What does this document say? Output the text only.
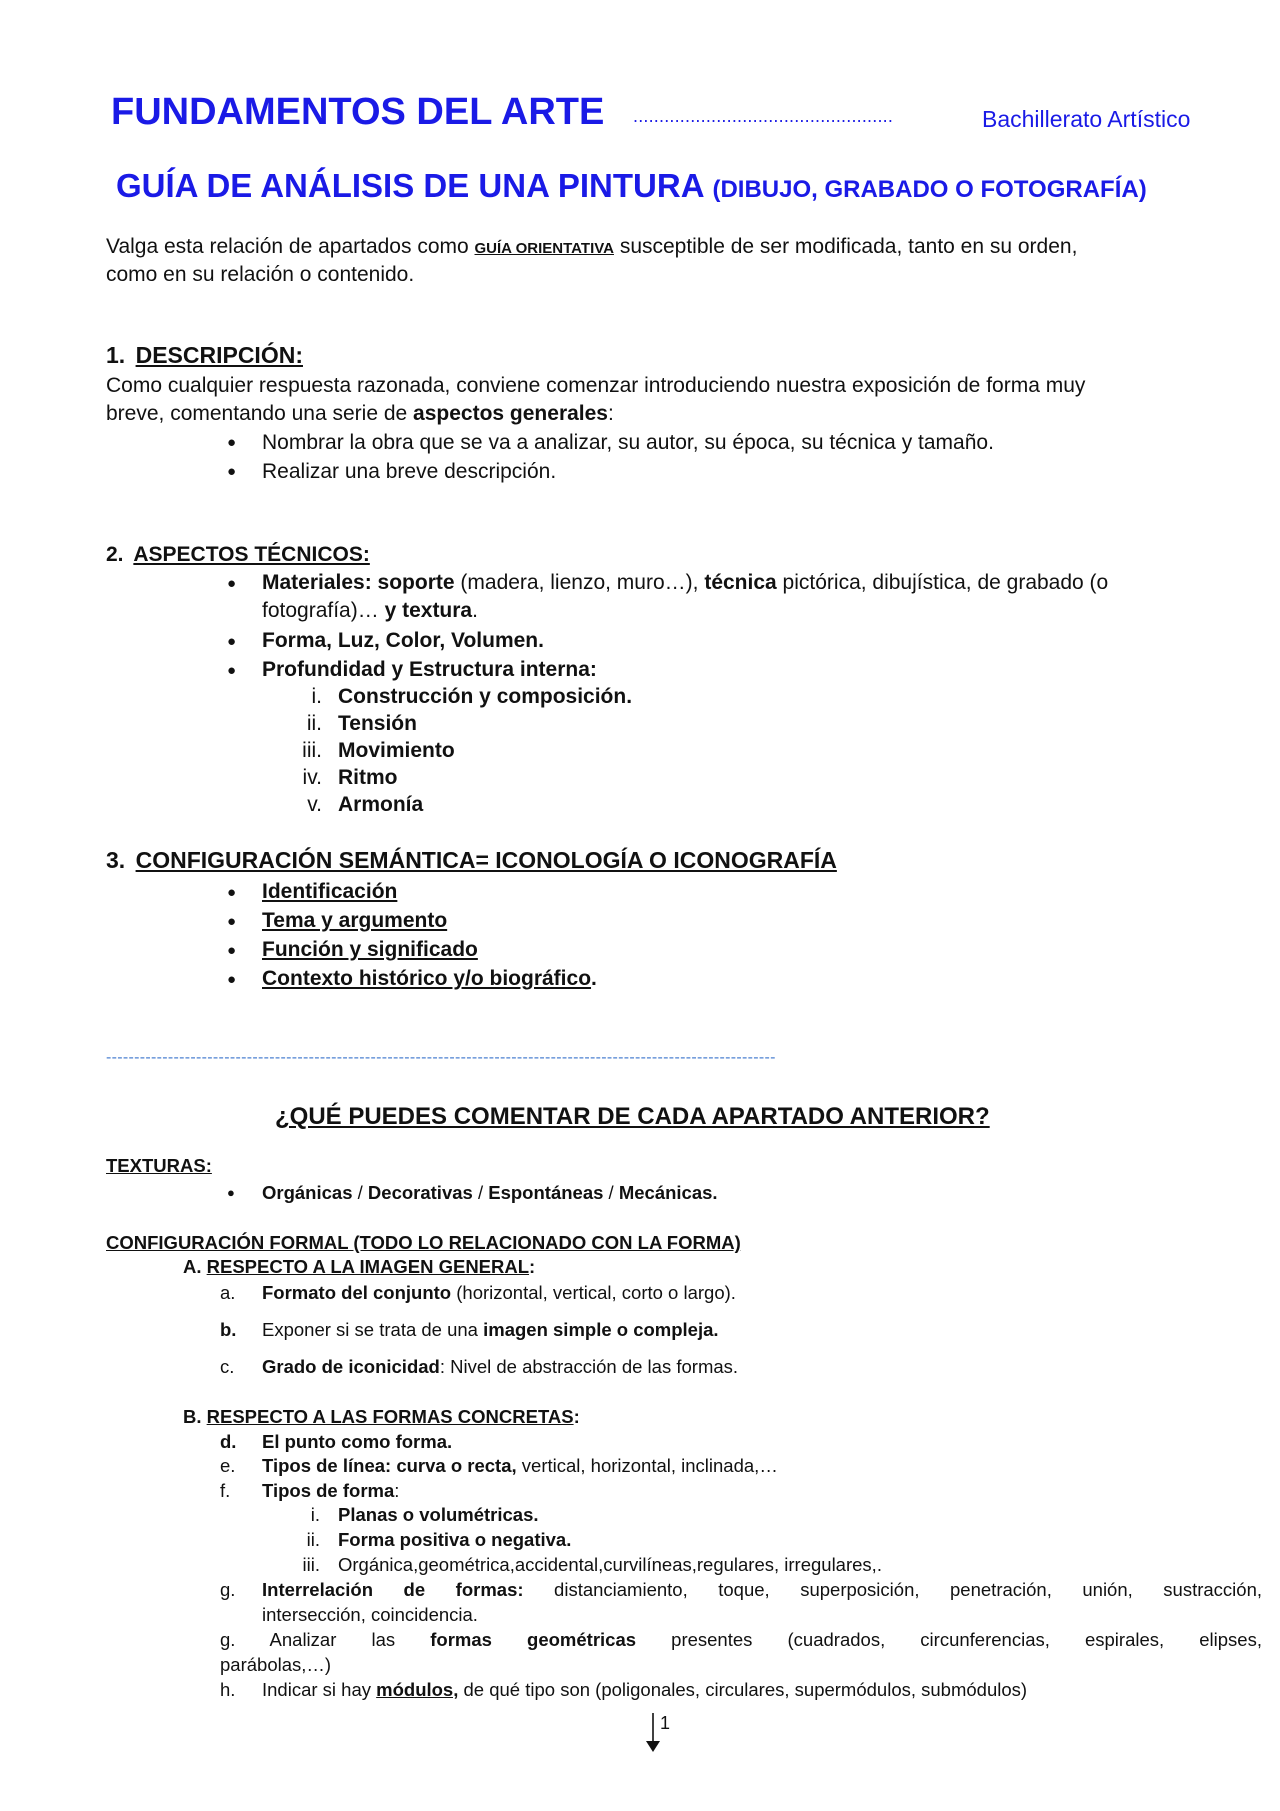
FUNDAMENTOS DEL ARTE ..................................................	Bachillerato Artístico
GUÍA DE ANÁLISIS DE UNA PINTURA (DIBUJO, GRABADO O FOTOGRAFÍA)
Valga esta relación de apartados como GUÍA ORIENTATIVA susceptible de ser modificada, tanto en su orden,
como en su relación o contenido.
1. DESCRIPCIÓN:
Como cualquier respuesta razonada, conviene comenzar introduciendo nuestra exposición de forma muy
breve, comentando una serie de aspectos generales:
● Nombrar la obra que se va a analizar, su autor, su época, su técnica y tamaño.
● Realizar una breve descripción.
2. ASPECTOS TÉCNICOS:
● Materiales: soporte (madera, lienzo, muro…), técnica pictórica, dibujística, de grabado (o
fotografía)… y textura.
● Forma, Luz, Color, Volumen.
● Profundidad y Estructura interna:
i. Construcción y composición.
ii. Tensión
iii. Movimiento
iv. Ritmo
v. Armonía
3. CONFIGURACIÓN SEMÁNTICA= ICONOLOGÍA O ICONOGRAFÍA
● Identificación
● Tema y argumento
● Función y significado
● Contexto histórico y/o biográfico.
-----------------------------------------------------------------------------------------------------------------------
¿QUÉ PUEDES COMENTAR DE CADA APARTADO ANTERIOR?
TEXTURAS:
● Orgánicas / Decorativas / Espontáneas / Mecánicas.
CONFIGURACIÓN FORMAL (TODO LO RELACIONADO CON LA FORMA)
A. RESPECTO A LA IMAGEN GENERAL:
a. Formato del conjunto (horizontal, vertical, corto o largo).
b. Exponer si se trata de una imagen simple o compleja.
c. Grado de iconicidad: Nivel de abstracción de las formas.
B. RESPECTO A LAS FORMAS CONCRETAS:
d. El punto como forma.
e. Tipos de línea: curva o recta, vertical, horizontal, inclinada,…
f. Tipos de forma:
i. Planas o volumétricas.
ii. Forma positiva o negativa.
iii. Orgánica,geométrica,accidental,curvilíneas,regulares, irregulares,.
g. Interrelación de formas: distanciamiento, toque, superposición, penetración, unión, sustracción,
intersección, coincidencia.
g. Analizar las formas geométricas presentes (cuadrados, circunferencias, espirales, elipses,
parábolas,…)
h. Indicar si hay módulos, de qué tipo son (poligonales, circulares, supermódulos, submódulos)
1
